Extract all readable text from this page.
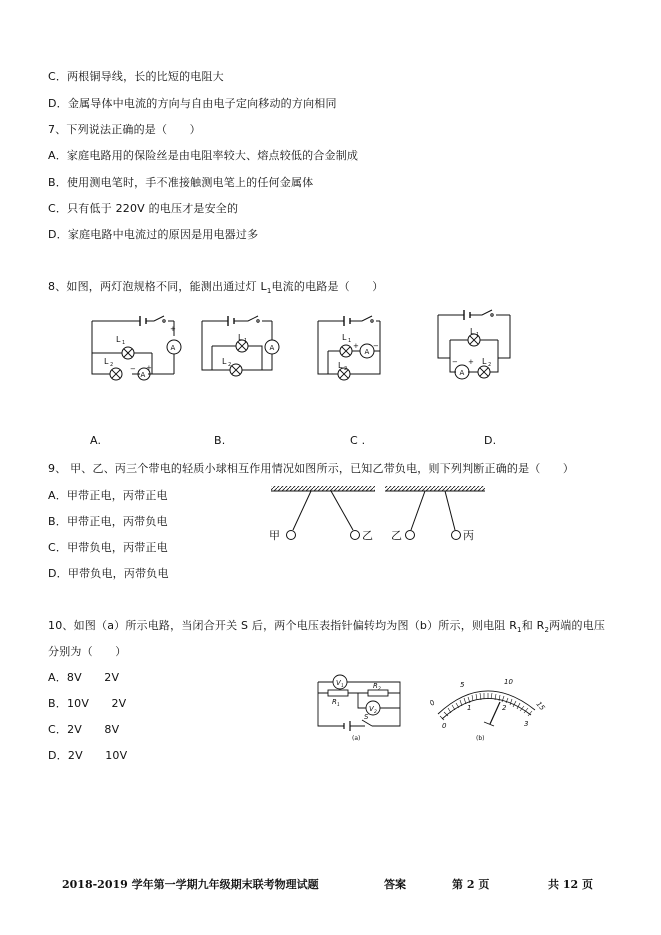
C．两根铜导线，长的比短的电阻大
D．金属导体中电流的方向与自由电子定向移动的方向相同
7、下列说法正确的是（　　）
A．家庭电路用的保险丝是由电阻率较大、熔点较低的合金制成
B．使用测电笔时，手不准接触测电笔上的任何金属体
C．只有低于 220V 的电压才是安全的
D．家庭电路中电流过的原因是用电器过多
8、如图，两灯泡规格不同，能测出通过灯 $L_1$电流的电路是（　　）
L 1
L 2
A
A
+
− +
L 1
L 2
A
L 1
L 2
A
+ −
L 1
L 2
A
− +
A.	B.	C .	D.
9、 甲、乙、丙三个带电的轻质小球相互作用情况如图所示，已知乙带负电，则下列判断正确的是（　　）
A．甲带正电，丙带正电
B．甲带正电，丙带负电
C．甲带负电，丙带正电
D．甲带负电，丙带负电
甲	乙 乙	丙
10、如图（a）所示电路，当闭合开关 S 后，两个电压表指针偏转均为图（b）所示，则电阻 $R_1$和 $R_2$两端的电压
分别为（　　）
A．8V　　2V
B．10V　　2V
C．2V　　8V
D．2V　　10V
V 1
V 2
R 1
R 2
S
(a)
0
5	10
15
0
1	2
3
(b)
2018-2019 学年第一学期九年级期末联考物理试题	答案	第 2 页	共 12 页
